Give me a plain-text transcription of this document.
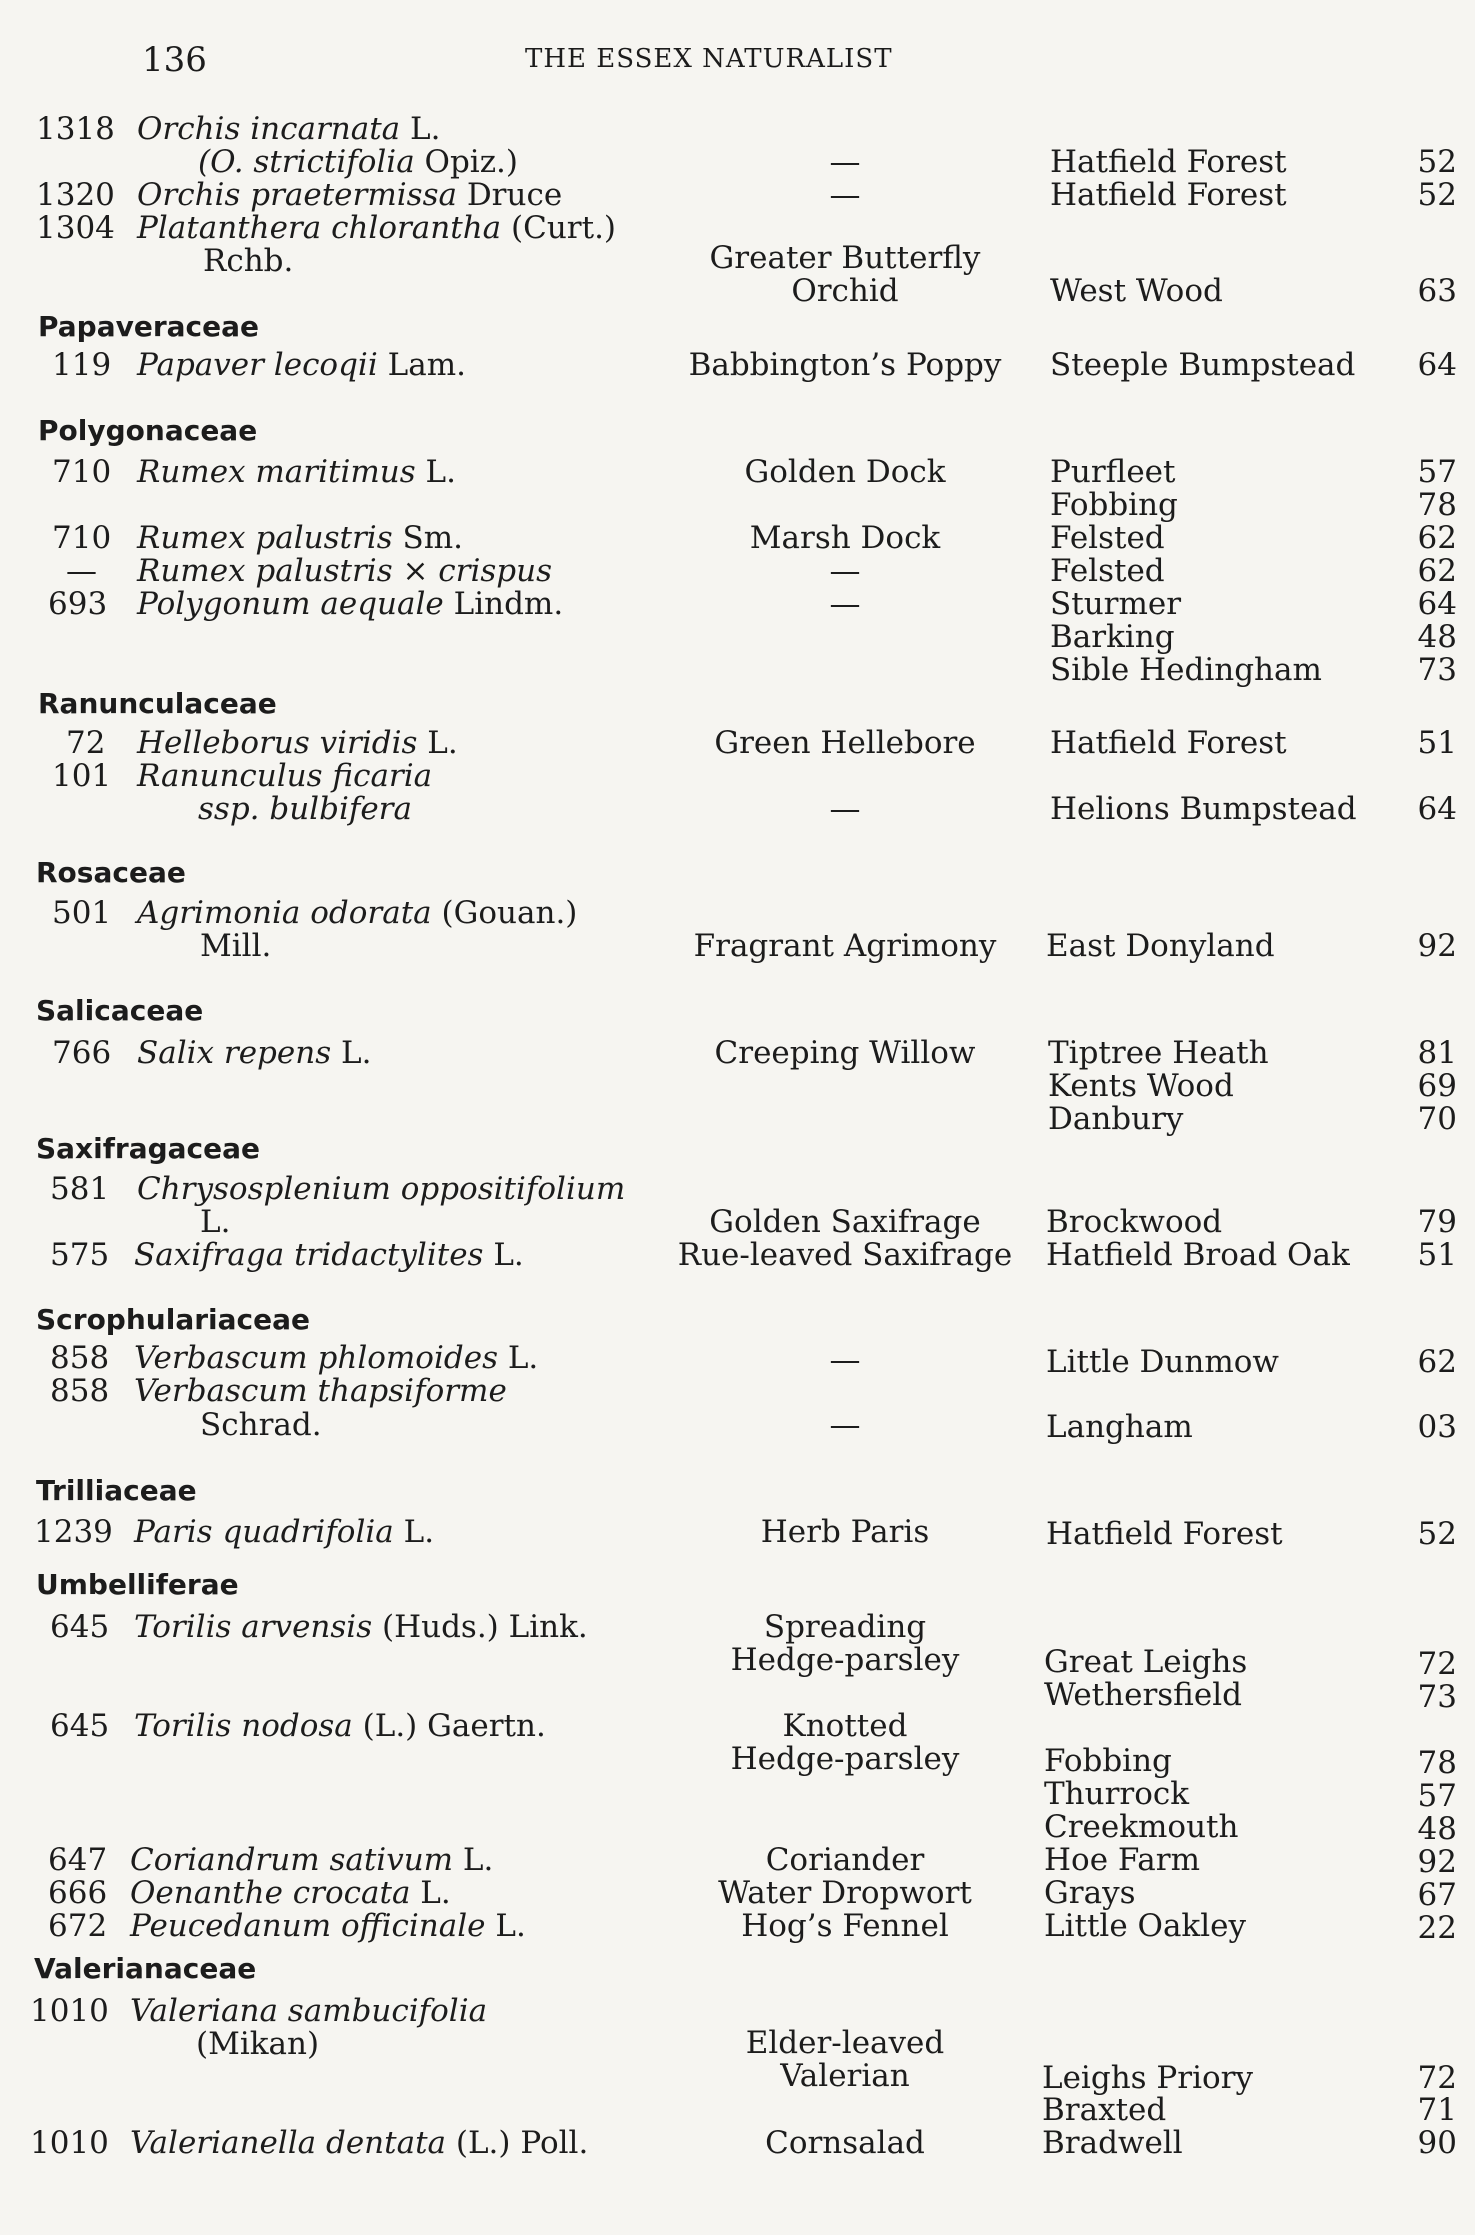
136	THE ESSEX NATURALIST
1318 Orchis incarnata L.
(O. strictifolia Opiz.)	—	Hatfield Forest	52
1320 Orchis praetermissa Druce	—	Hatfield Forest	52
1304 Platanthera chlorantha (Curt.)
Rchb.	Greater Butterfly
Orchid	West Wood	63
Papaveraceae
119 Papaver lecoqii Lam.	Babbington’s Poppy	Steeple Bumpstead 64
Polygonaceae
710 Rumex maritimus L.	Golden Dock	Purfleet	57
Fobbing	78
710 Rumex palustris Sm.	Marsh Dock	Felsted	62
— Rumex palustris × crispus	—	Felsted	62
693 Polygonum aequale Lindm.	—	Sturmer	64
Barking	48
Sible Hedingham	73
Ranunculaceae
72 Helleborus viridis L.	Green Hellebore	Hatfield Forest	51
101 Ranunculus ficaria
ssp. bulbifera	—	Helions Bumpstead 64
Rosaceae
501 Agrimonia odorata (Gouan.)
Mill.	Fragrant Agrimony	East Donyland	92
Salicaceae
766 Salix repens L.	Creeping Willow	Tiptree Heath	81
Kents Wood	69
Danbury	70
Saxifragaceae
581 Chrysosplenium oppositifolium
L.	Golden Saxifrage	Brockwood	79
575 Saxifraga tridactylites L.	Rue-leaved Saxifrage	Hatfield Broad Oak 51
Scrophulariaceae
858 Verbascum phlomoides L.	—	Little Dunmow	62
858 Verbascum thapsiforme
Schrad.	—	Langham	03
Trilliaceae
1239 Paris quadrifolia L.	Herb Paris	Hatfield Forest	52
Umbelliferae
645 Torilis arvensis (Huds.) Link.	Spreading
Hedge-parsley	Great Leighs	72
Wethersfield	73
645 Torilis nodosa (L.) Gaertn.	Knotted
Hedge-parsley	Fobbing	78
Thurrock	57
Creekmouth	48
647 Coriandrum sativum L.	Coriander	Hoe Farm	92
666 Oenanthe crocata L.	Water Dropwort	Grays	67
672 Peucedanum officinale L.	Hog’s Fennel	Little Oakley	22
Valerianaceae
1010 Valeriana sambucifolia
(Mikan)	Elder-leaved
Valerian	Leighs Priory	72
Braxted	71
1010 Valerianella dentata (L.) Poll.	Cornsalad	Bradwell	90
